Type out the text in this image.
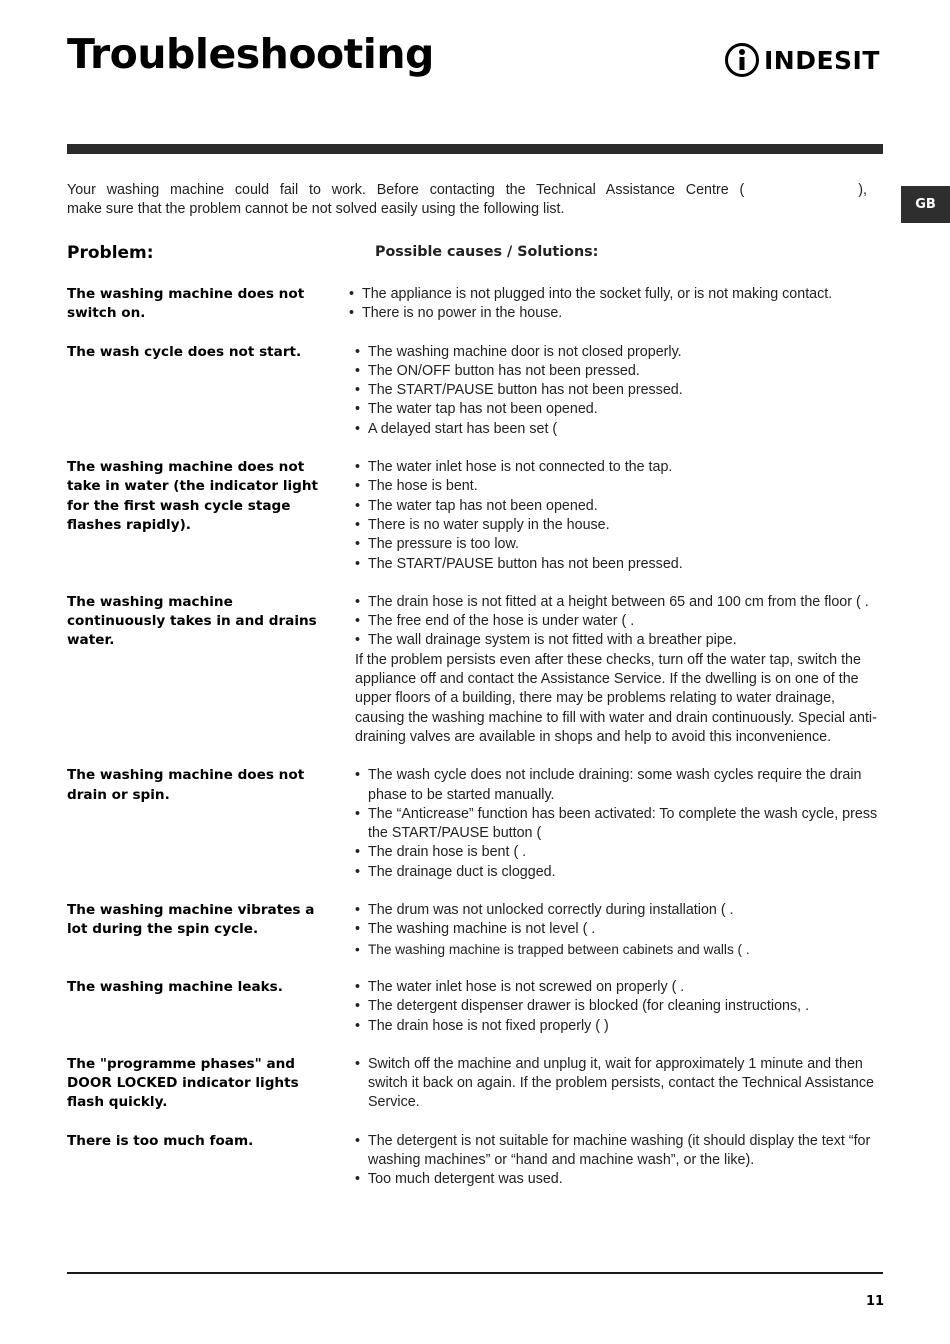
Troubleshooting	INDESIT
GB

Your washing machine could fail to work. Before contacting the Technical Assistance Centre (	),
make sure that the problem cannot be not solved easily using the following list.

Problem:	Possible causes / Solutions:

The washing machine does not switch on.

• The appliance is not plugged into the socket fully, or is not making contact.

• There is no power in the house.

The wash cycle does not start.	• The washing machine door is not closed properly.

• The ON/OFF button has not been pressed.

• The START/PAUSE button has not been pressed.

• The water tap has not been opened.

• A delayed start has been set (

The washing machine does not take in water (the indicator light for the first wash cycle stage flashes rapidly).

• The water inlet hose is not connected to the tap.

• The hose is bent.

• The water tap has not been opened.

• There is no water supply in the house.

• The pressure is too low.

• The START/PAUSE button has not been pressed.

The washing machine continuously takes in and drains water.

• The drain hose is not fitted at a height between 65 and 100 cm from the floor ( .

• The free end of the hose is under water ( .

• The wall drainage system is not fitted with a breather pipe.

If the problem persists even after these checks, turn off the water tap, switch the appliance off and contact the Assistance Service. If the dwelling is on one of the upper floors of a building, there may be problems relating to water drainage, causing the washing machine to fill with water and drain continuously. Special anti-draining valves are available in shops and help to avoid this inconvenience.

The washing machine does not drain or spin.

• The wash cycle does not include draining: some wash cycles require the drain phase to be started manually.

• The “Anticrease” function has been activated: To complete the wash cycle, press the START/PAUSE button (

• The drain hose is bent ( .

• The drainage duct is clogged.

The washing machine vibrates a lot during the spin cycle.

• The drum was not unlocked correctly during installation ( .

• The washing machine is not level ( .

• The washing machine is trapped between cabinets and walls ( .

The washing machine leaks.	• The water inlet hose is not screwed on properly ( .

• The detergent dispenser drawer is blocked (for cleaning instructions, .

• The drain hose is not fixed properly ( )

The "programme phases" and DOOR LOCKED indicator lights flash quickly.

• Switch off the machine and unplug it, wait for approximately 1 minute and then switch it back on again. If the problem persists, contact the Technical Assistance Service.

There is too much foam.	• The detergent is not suitable for machine washing (it should display the text “for washing machines” or “hand and machine wash”, or the like).

• Too much detergent was used.

11
